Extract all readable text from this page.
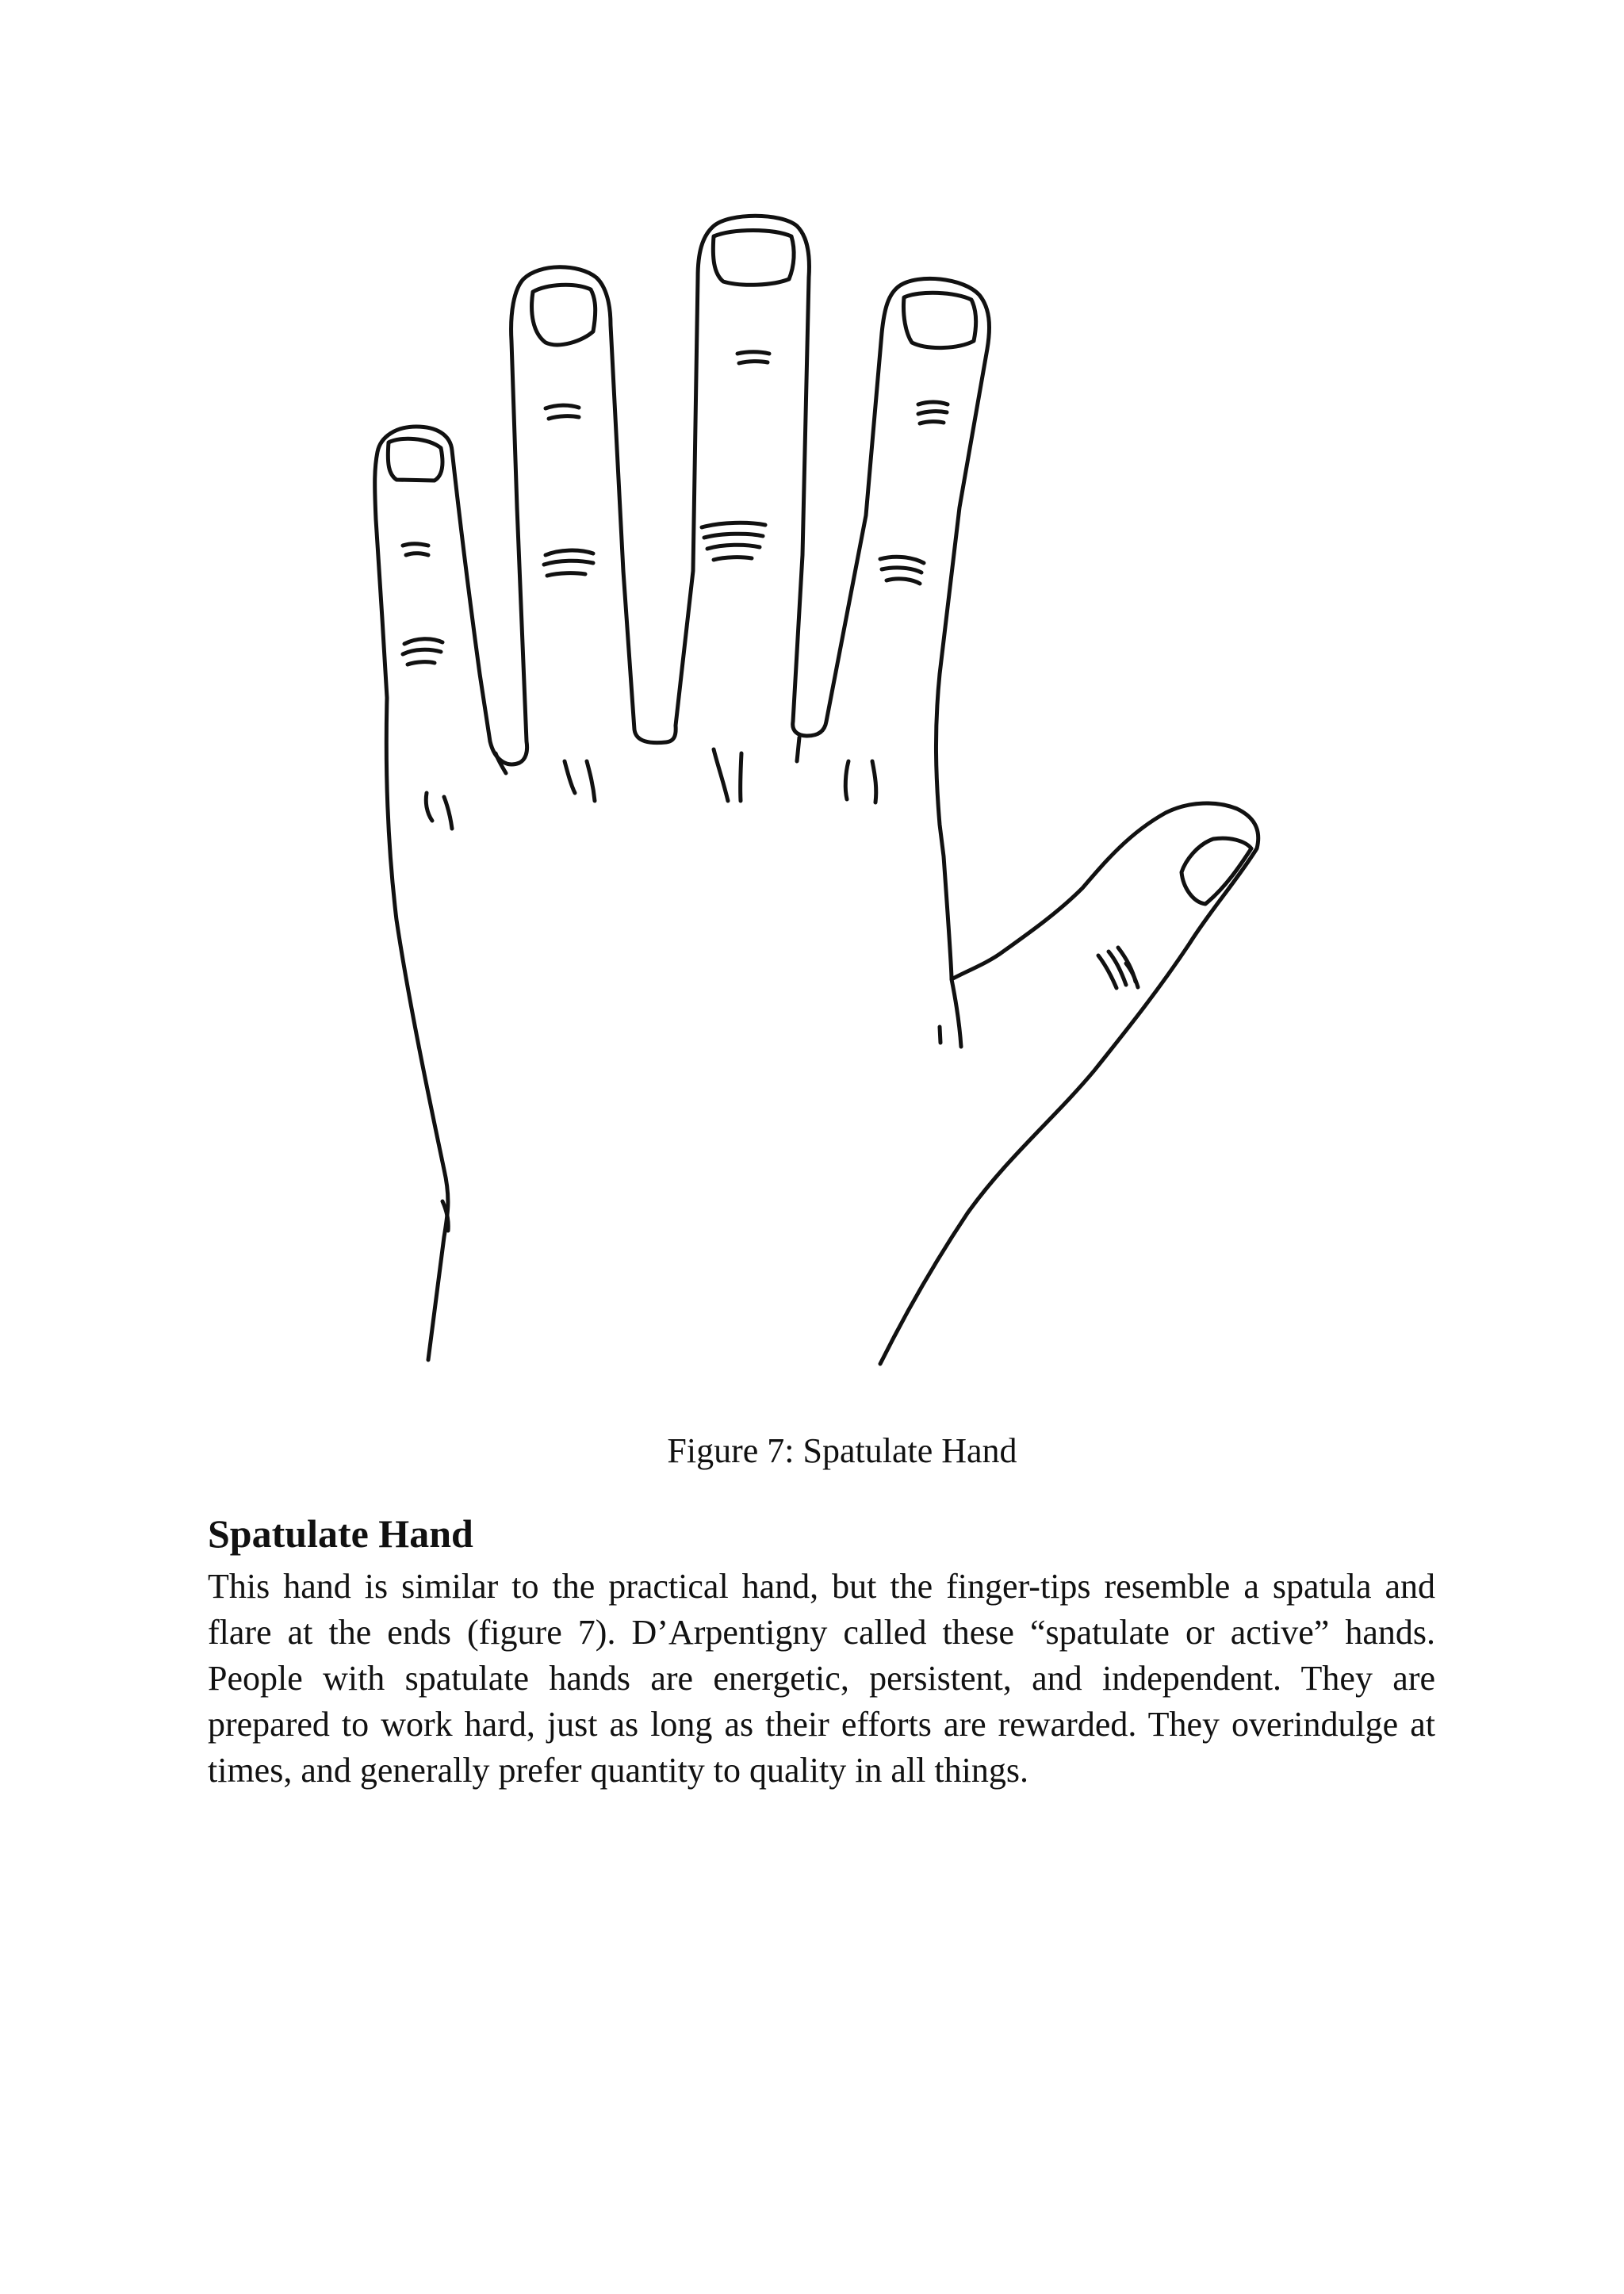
Figure 7: Spatulate Hand
Spatulate Hand
This hand is similar to the practical hand, but the finger-tips resemble a spatula and flare at the ends (figure 7). D’Arpentigny called these “spatulate or active” hands. People with spatulate hands are energetic, persistent, and independent. They are prepared to work hard, just as long as their efforts are rewarded. They overindulge at times, and generally prefer quantity to quality in all things.
